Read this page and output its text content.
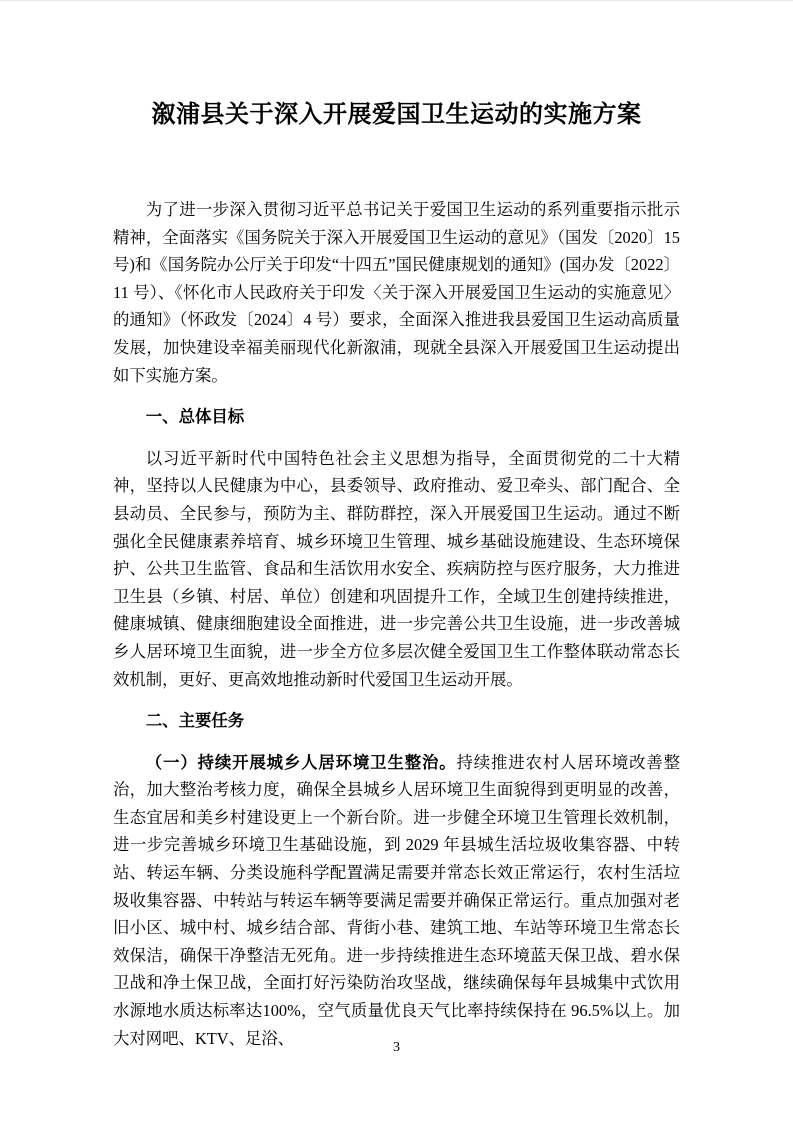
溆浦县关于深入开展爱国卫生运动的实施方案

为了进一步深入贯彻习近平总书记关于爱国卫生运动的系列重要指示批示精神，全面落实《国务院关于深入开展爱国卫生运动的意见》（国发〔2020〕15号)和《国务院办公厅关于印发“十四五”国民健康规划的通知》(国办发〔2022〕11 号）、《怀化市人民政府关于印发〈关于深入开展爱国卫生运动的实施意见〉的通知》（怀政发〔2024〕4 号）要求，全面深入推进我县爱国卫生运动高质量发展，加快建设幸福美丽现代化新溆浦，现就全县深入开展爱国卫生运动提出如下实施方案。

一、总体目标

以习近平新时代中国特色社会主义思想为指导，全面贯彻党的二十大精神，坚持以人民健康为中心，县委领导、政府推动、爱卫牵头、部门配合、全县动员、全民参与，预防为主、群防群控，深入开展爱国卫生运动。通过不断强化全民健康素养培育、城乡环境卫生管理、城乡基础设施建设、生态环境保护、公共卫生监管、食品和生活饮用水安全、疾病防控与医疗服务，大力推进卫生县（乡镇、村居、单位）创建和巩固提升工作，全域卫生创建持续推进，健康城镇、健康细胞建设全面推进，进一步完善公共卫生设施，进一步改善城乡人居环境卫生面貌，进一步全方位多层次健全爱国卫生工作整体联动常态长效机制，更好、更高效地推动新时代爱国卫生运动开展。

二、主要任务

（一）持续开展城乡人居环境卫生整治。持续推进农村人居环境改善整治，加大整治考核力度，确保全县城乡人居环境卫生面貌得到更明显的改善，生态宜居和美乡村建设更上一个新台阶。进一步健全环境卫生管理长效机制，进一步完善城乡环境卫生基础设施，到 2029 年县城生活垃圾收集容器、中转站、转运车辆、分类设施科学配置满足需要并常态长效正常运行，农村生活垃圾收集容器、中转站与转运车辆等要满足需要并确保正常运行。重点加强对老旧小区、城中村、城乡结合部、背街小巷、建筑工地、车站等环境卫生常态长效保洁，确保干净整洁无死角。进一步持续推进生态环境蓝天保卫战、碧水保卫战和净土保卫战，全面打好污染防治攻坚战，继续确保每年县城集中式饮用水源地水质达标率达100%，空气质量优良天气比率持续保持在 96.5%以上。加大对网吧、KTV、足浴、	3
